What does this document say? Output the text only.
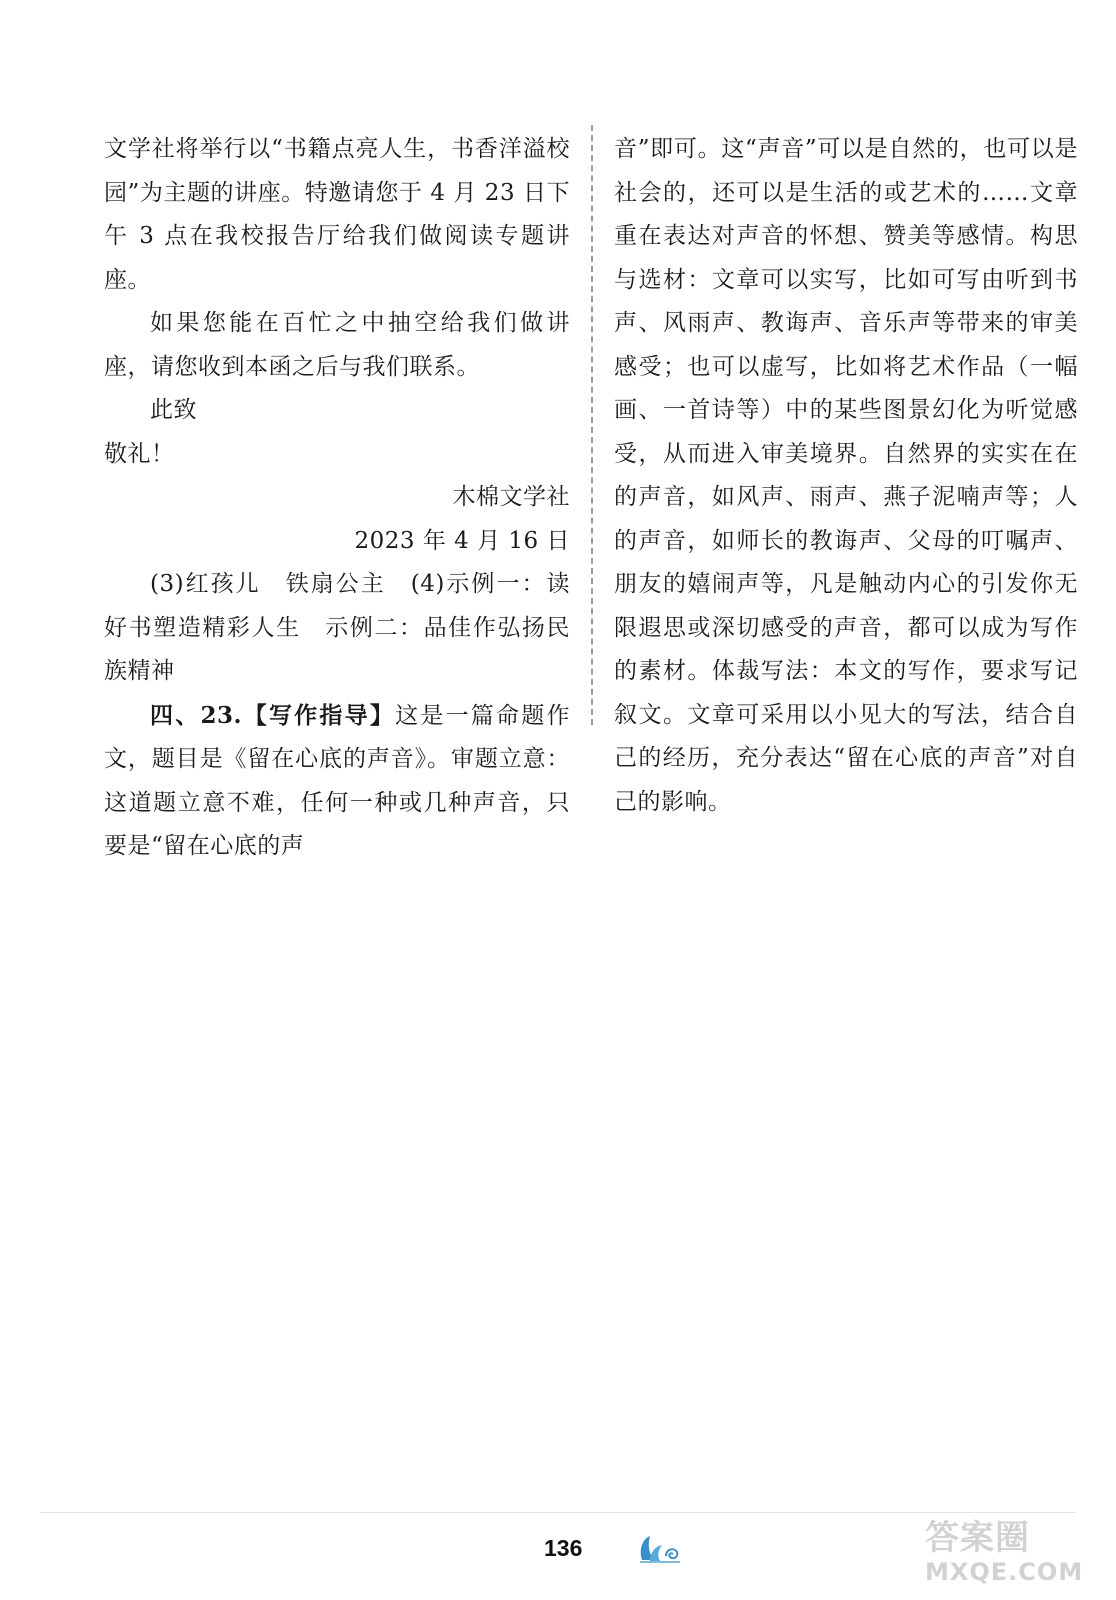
文学社将举行以“书籍点亮人生，书香洋溢校园”为主题的讲座。特邀请您于 4 月 23 日下午 3 点在我校报告厅给我们做阅读专题讲座。

如果您能在百忙之中抽空给我们做讲座，请您收到本函之后与我们联系。

此致

敬礼！

木棉文学社

2023 年 4 月 16 日

(3)红孩儿　铁扇公主　(4)示例一：读好书塑造精彩人生　示例二：品佳作弘扬民族精神

四、23.【写作指导】这是一篇命题作文，题目是《留在心底的声音》。审题立意：这道题立意不难，任何一种或几种声音，只要是“留在心底的声

音”即可。这“声音”可以是自然的，也可以是社会的，还可以是生活的或艺术的……文章重在表达对声音的怀想、赞美等感情。构思与选材：文章可以实写，比如可写由听到书声、风雨声、教诲声、音乐声等带来的审美感受；也可以虚写，比如将艺术作品（一幅画、一首诗等）中的某些图景幻化为听觉感受，从而进入审美境界。自然界的实实在在的声音，如风声、雨声、燕子泥喃声等；人的声音，如师长的教诲声、父母的叮嘱声、朋友的嬉闹声等，凡是触动内心的引发你无限遐思或深切感受的声音，都可以成为写作的素材。体裁写法：本文的写作，要求写记叙文。文章可采用以小见大的写法，结合自己的经历，充分表达“留在心底的声音”对自己的影响。

136	答案圈
MXQE.COM
